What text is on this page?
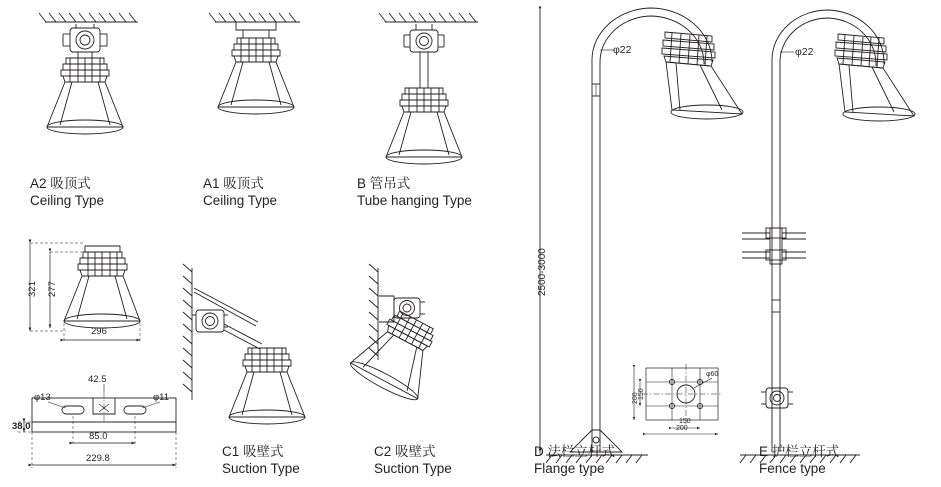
A2 吸顶式
Ceiling Type
A1 吸顶式
Ceiling Type
B 管吊式
Tube hanging Type
C1 吸壁式
Suction Type
C2 吸壁式
Suction Type
D 法栏立杆式
Flange type
E 护栏立杆式
Fence type
321 277
296
φ13	φ11
42.5
85.0
229.8
38.0
2500-3000
φ22	φ22
φ60
150
200
150
200
